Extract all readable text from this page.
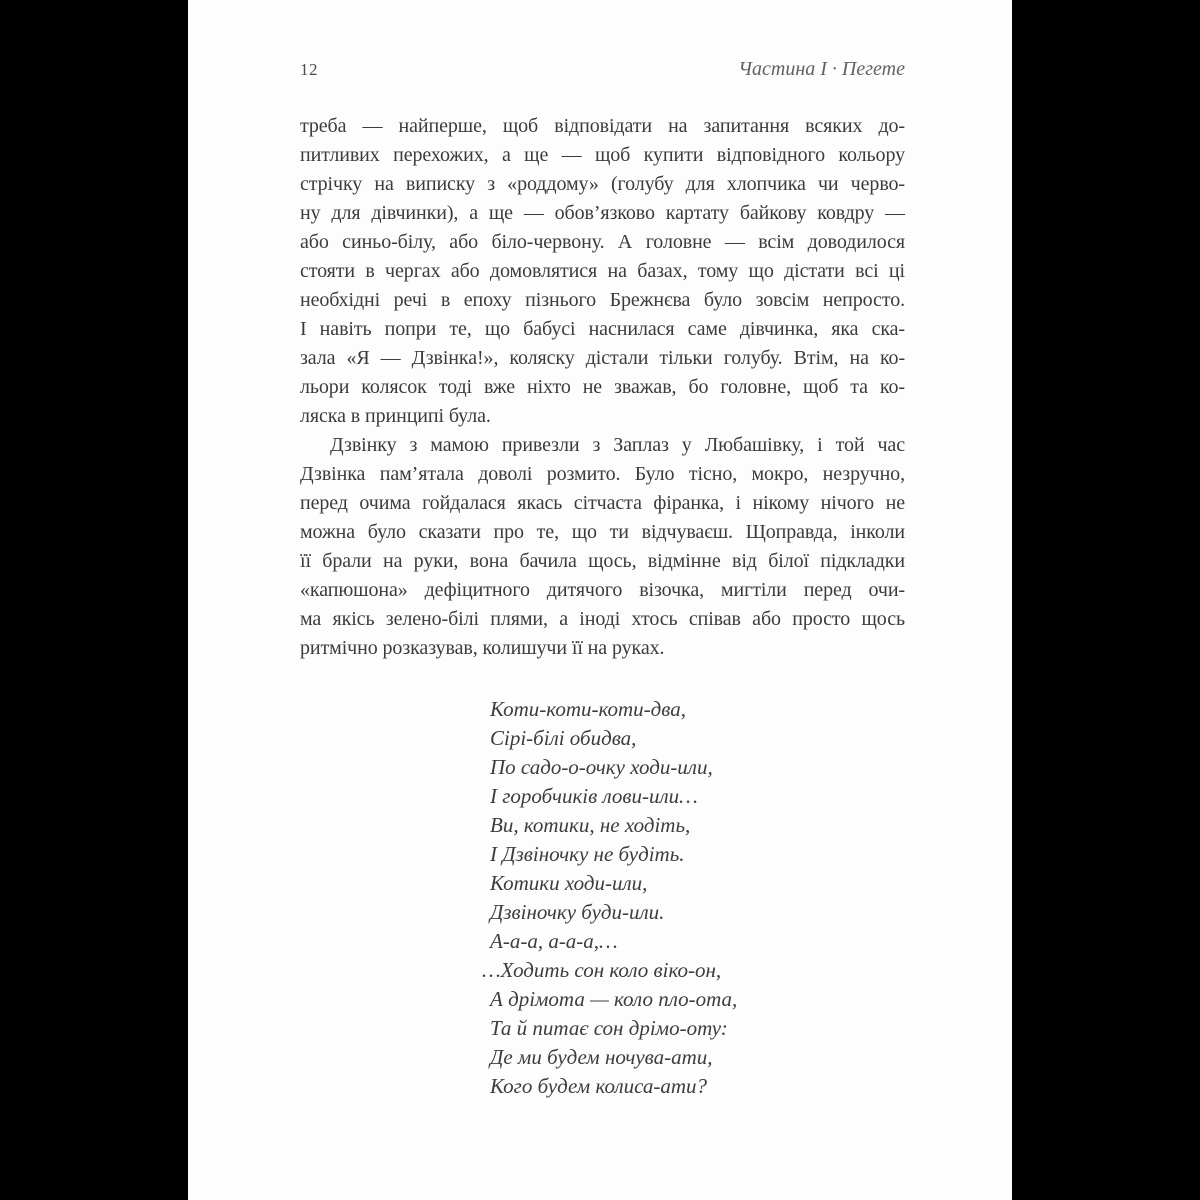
12	Частина І · Пегете
треба — найперше, щоб відповідати на запитання всяких до-
питливих перехожих, а ще — щоб купити відповідного кольору
стрічку на виписку з «роддому» (голубу для хлопчика чи черво-
ну для дівчинки), а ще — обов’язково картату байкову ковдру —
або синьо-білу, або біло-червону. А головне — всім доводилося
стояти в чергах або домовлятися на базах, тому що дістати всі ці
необхідні речі в епоху пізнього Брежнєва було зовсім непросто.
І навіть попри те, що бабусі наснилася саме дівчинка, яка ска-
зала «Я — Дзвінка!», коляску дістали тільки голубу. Втім, на ко-
льори колясок тоді вже ніхто не зважав, бо головне, щоб та ко-
ляска в принципі була.
Дзвінку з мамою привезли з Заплаз у Любашівку, і той час
Дзвінка пам’ятала доволі розмито. Було тісно, мокро, незручно,
перед очима гойдалася якась сітчаста фіранка, і нікому нічого не
можна було сказати про те, що ти відчуваєш. Щоправда, інколи
її брали на руки, вона бачила щось, відмінне від білої підкладки
«капюшона» дефіцитного дитячого візочка, мигтіли перед очи-
ма якісь зелено-білі плями, а іноді хтось співав або просто щось
ритмічно розказував, колишучи її на руках.
Коти-коти-коти-два,
Сірі-білі обидва,
По садо-о-очку ходи-или,
І горобчиків лови-или…
Ви, котики, не ходіть,
І Дзвіночку не будіть.
Котики ходи-или,
Дзвіночку буди-или.
А-а-а, а-а-а,…
…Ходить сон коло віко-он,
А дрімота — коло пло-ота,
Та й питає сон дрімо-оту:
Де ми будем ночува-ати,
Кого будем колиса-ати?
